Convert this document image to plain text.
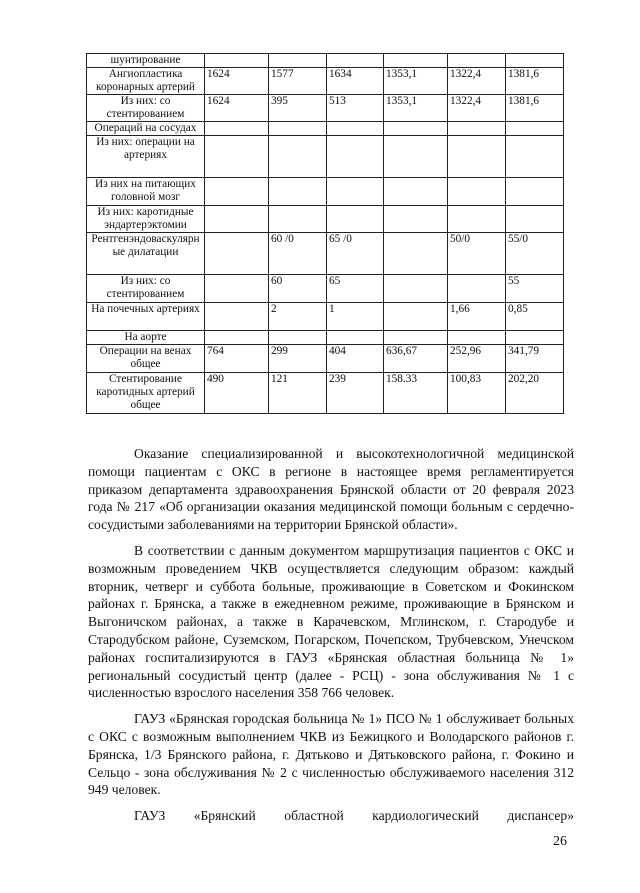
шунтирование						
Ангиопластика коронарных артерий	1624	1577	1634	1353,1	1322,4	1381,6
Из них: со стентированием	1624	395	513	1353,1	1322,4	1381,6
Операций на сосудах						
Из них: операции на артериях						
Из них на питающих головной мозг						
Из них: каротидные эндартерэктомии						
Рентгенэндоваскулярные дилатации		60 /0	65 /0		50/0	55/0
Из них: со стентированием		60	65			55
На почечных артериях		2	1		1,66	0,85
На аорте						
Операции на венах общее	764	299	404	636,67	252,96	341,79
Стентирование каротидных артерий общее	490	121	239	158.33	100,83	202,20

Оказание специализированной и высокотехнологичной медицинской помощи пациентам с ОКС в регионе в настоящее время регламентируется приказом департамента здравоохранения Брянской области от 20 февраля 2023 года № 217 «Об организации оказания медицинской помощи больным с сердечно-сосудистыми заболеваниями на территории Брянской области».

В соответствии с данным документом маршрутизация пациентов с ОКС и возможным проведением ЧКВ осуществляется следующим образом: каждый вторник, четверг и суббота больные, проживающие в Советском и Фокинском районах г. Брянска, а также в ежедневном режиме, проживающие в Брянском и Выгоничском районах, а также в Карачевском, Мглинском, г. Стародубе и Стародубском районе, Суземском, Погарском, Почепском, Трубчевском, Унечском районах госпитализируются в ГАУЗ «Брянская областная больница № 1» региональный сосудистый центр (далее - РСЦ) - зона обслуживания № 1 с численностью взрослого населения 358 766 человек.

ГАУЗ «Брянская городская больница № 1» ПСО № 1 обслуживает больных с ОКС с возможным выполнением ЧКВ из Бежицкого и Володарского районов г. Брянска, 1/3 Брянского района, г. Дятьково и Дятьковского района, г. Фокино и Сельцо - зона обслуживания № 2 с численностью обслуживаемого населения 312 949 человек.

ГАУЗ «Брянский областной кардиологический диспансер»

26
